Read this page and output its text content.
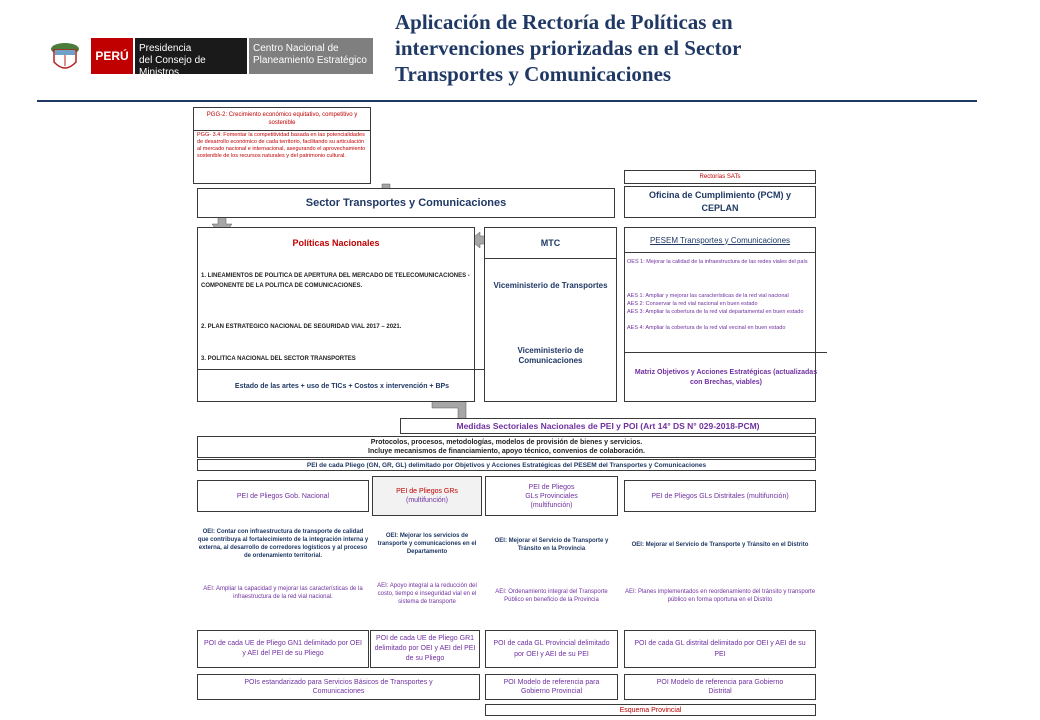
PERÚ
Presidencia
del Consejo de Ministros
Centro Nacional de
Planeamiento Estratégico
Aplicación de Rectoría de Políticas en
intervenciones priorizadas en el Sector
Transportes y Comunicaciones
PGG-2: Crecimiento económico equitativo, competitivo y sostenible
PGG- 3.4: Fomentar la competitividad basada en las potencialidades de desarrollo económico de cada territorio, facilitando su articulación al mercado nacional e internacional, asegurando el aprovechamiento sostenible de los recursos naturales y del patrimonio cultural.
Rectorías SATs
Sector Transportes y Comunicaciones
Oficina de Cumplimiento (PCM) y CEPLAN
Políticas Nacionales
1. LINEAMIENTOS DE POLITICA DE APERTURA DEL MERCADO DE TELECOMUNICACIONES - COMPONENTE DE LA POLITICA DE COMUNICACIONES.
2. PLAN ESTRATEGICO NACIONAL DE SEGURIDAD VIAL 2017 – 2021.
3. POLITICA NACIONAL DEL SECTOR TRANSPORTES
Estado de las artes + uso de TICs + Costos x intervención + BPs
MTC
Viceministerio de Transportes
Viceministerio de Comunicaciones
PESEM Transportes y Comunicaciones
OES 1: Mejorar la calidad de la infraestructura de las redes viales del país
AES 1: Ampliar y mejorar las características de la red vial nacional
AES 2: Conservar la red vial nacional en buen estado
AES 3: Ampliar la cobertura de la red vial departamental en buen estado
AES 4: Ampliar la cobertura de la red vial vecinal en buen estado
Matriz Objetivos y Acciones Estratégicas (actualizadas con Brechas, viables)
Medidas Sectoriales Nacionales de PEI y POI (Art 14° DS N° 029-2018-PCM)
Protocolos, procesos, metodologías, modelos de provisión de bienes y servicios.
Incluye mecanismos de financiamiento, apoyo técnico, convenios de colaboración.
PEI de cada Pliego (GN, GR, GL) delimitado por Objetivos y Acciones Estratégicas del PESEM del Transportes y Comunicaciones
PEI de Pliegos Gob. Nacional
OEI: Contar con infraestructura de transporte de calidad que contribuya al fortalecimiento de la integración interna y externa, al desarrollo de corredores logísticos y al proceso de ordenamiento territorial.
AEI: Ampliar la capacidad y mejorar las características de la infraestructura de la red vial nacional.
PEI de Pliegos GRs
(multifunción)
OEI: Mejorar los servicios de transporte y comunicaciones en el Departamento
AEI: Apoyo integral a la reducción del costo, tiempo e inseguridad vial en el sistema de transporte
PEI de Pliegos
GLs Provinciales
(multifunción)
OEI: Mejorar el Servicio de Transporte y Tránsito en la Provincia
AEI: Ordenamiento integral del Transporte Público en beneficio de la Provincia
PEI de Pliegos GLs Distritales
(multifunción)
OEI: Mejorar el Servicio de Transporte y Tránsito en el Distrito
AEI: Planes implementados en reordenamiento del tránsito y transporte público en forma oportuna en el Distrito
POI de cada UE de Pliego GN1 delimitado por OEI y AEI del PEI de su Pliego
POI de cada UE de Pliego GR1 delimitado por OEI y AEI del PEI de su Pliego
POI de cada GL Provincial delimitado por OEI y AEI de su PEI
POI de cada GL distrital delimitado por OEI y AEI de su PEI
POIs estandarizado para Servicios Básicos de Transportes y Comunicaciones
POI Modelo de referencia para Gobierno Provincial
POI Modelo de referencia para Gobierno Distrital
Esquema Provincial
